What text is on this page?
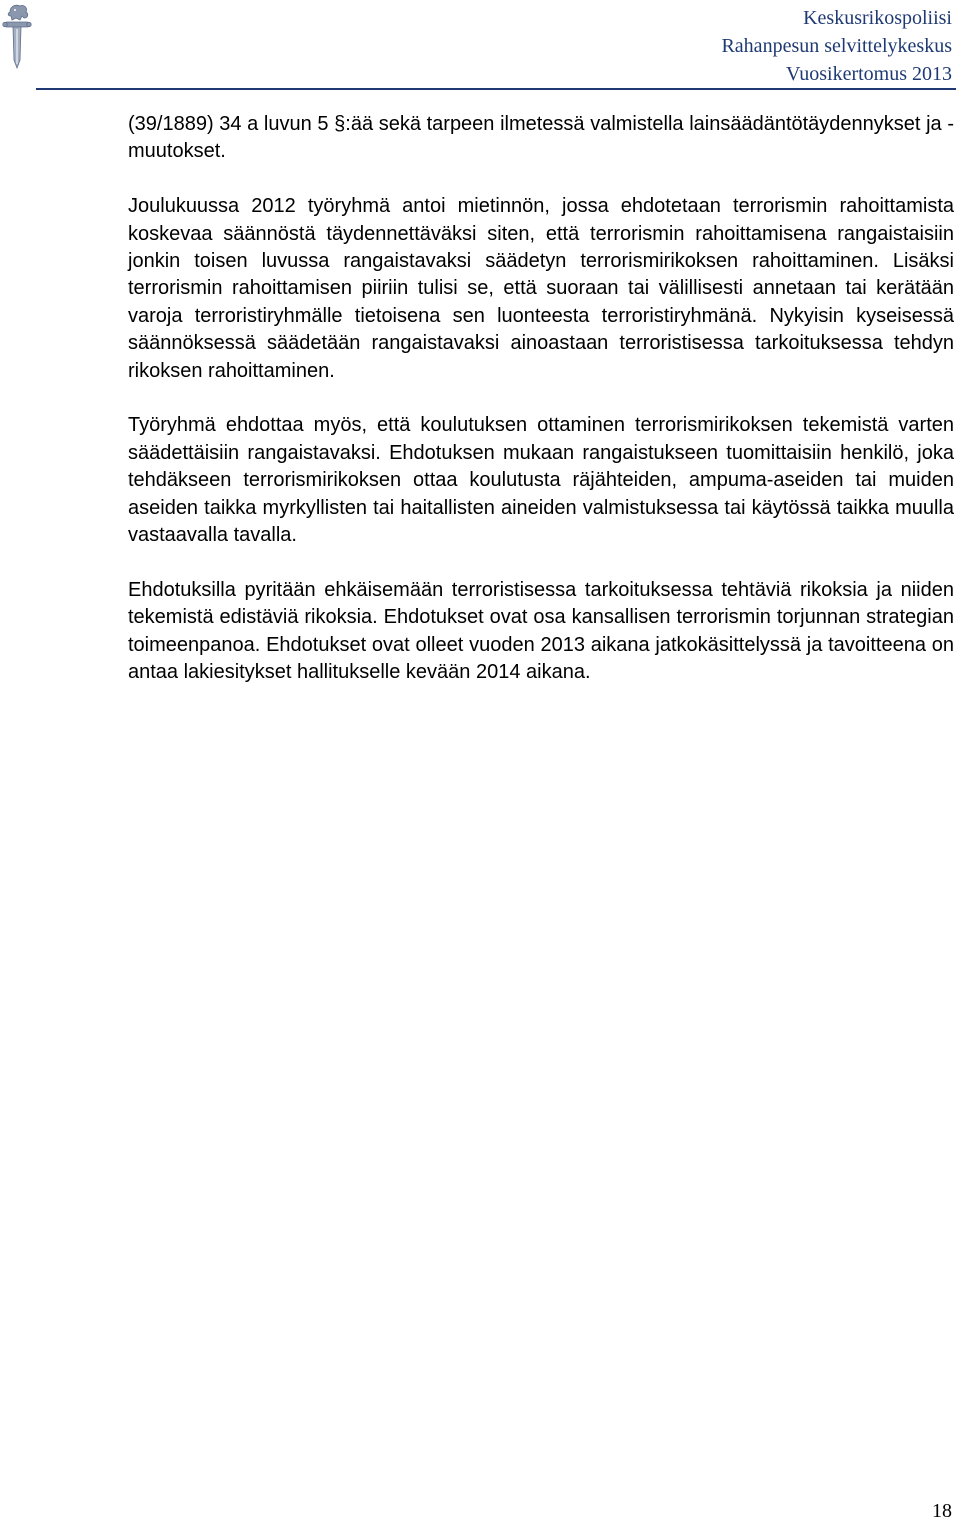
Keskusrikospoliisi
Rahanpesun selvittelykeskus
Vuosikertomus 2013

(39/1889) 34 a luvun 5 §:ää sekä tarpeen ilmetessä valmistella lainsäädäntötäydennykset ja -muutokset.

Joulukuussa 2012 työryhmä antoi mietinnön, jossa ehdotetaan terrorismin rahoittamista koskevaa säännöstä täydennettäväksi siten, että terrorismin rahoittamisena rangaistaisiin jonkin toisen luvussa rangaistavaksi säädetyn terrorismirikoksen rahoittaminen. Lisäksi terrorismin rahoittamisen piiriin tulisi se, että suoraan tai välillisesti annetaan tai kerätään varoja terroristiryhmälle tietoisena sen luonteesta terroristiryhmänä. Nykyisin kyseisessä säännöksessä säädetään rangaistavaksi ainoastaan terroristisessa tarkoituksessa tehdyn rikoksen rahoittaminen.

Työryhmä ehdottaa myös, että koulutuksen ottaminen terrorismirikoksen tekemistä varten säädettäisiin rangaistavaksi. Ehdotuksen mukaan rangaistukseen tuomittaisiin henkilö, joka tehdäkseen terrorismirikoksen ottaa koulutusta räjähteiden, ampuma-aseiden tai muiden aseiden taikka myrkyllisten tai haitallisten aineiden valmistuksessa tai käytössä taikka muulla vastaavalla tavalla.

Ehdotuksilla pyritään ehkäisemään terroristisessa tarkoituksessa tehtäviä rikoksia ja niiden tekemistä edistäviä rikoksia. Ehdotukset ovat osa kansallisen terrorismin torjunnan strategian toimeenpanoa. Ehdotukset ovat olleet vuoden 2013 aikana jatkokäsittelyssä ja tavoitteena on antaa lakiesitykset hallitukselle kevään 2014 aikana.

18
